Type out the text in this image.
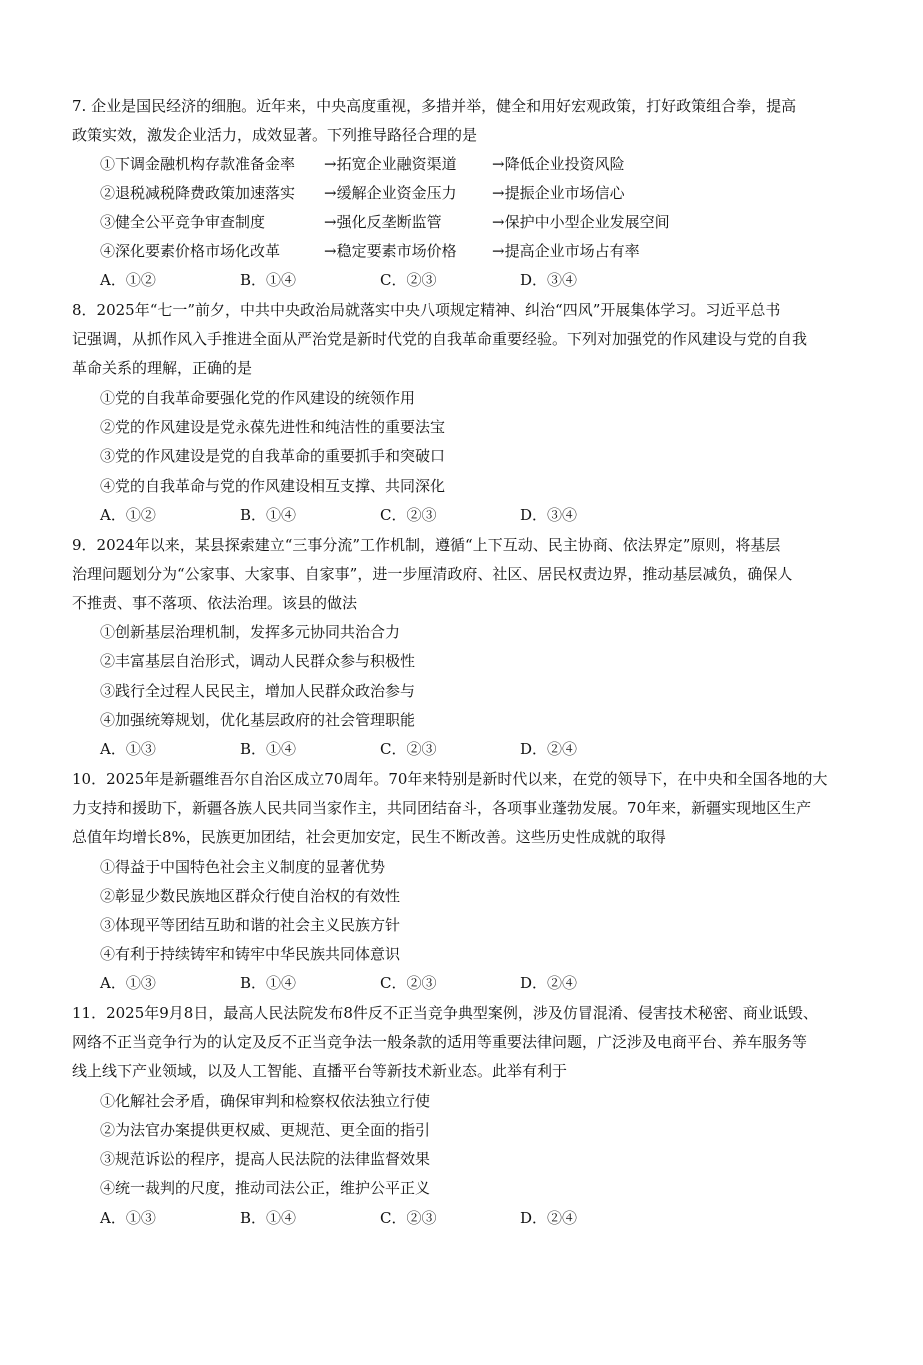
7. 企业是国民经济的细胞。近年来，中央高度重视，多措并举，健全和用好宏观政策，打好政策组合拳，提高
政策实效，激发企业活力，成效显著。下列推导路径合理的是
①下调金融机构存款准备金率 →拓宽企业融资渠道 →降低企业投资风险
②退税减税降费政策加速落实 →缓解企业资金压力 →提振企业市场信心
③健全公平竞争审查制度	→强化反垄断监管	→保护中小型企业发展空间
④深化要素价格市场化改革	→稳定要素市场价格 →提高企业市场占有率
A．①②	B．①④	C．②③	D．③④
8．2025年“七一”前夕，中共中央政治局就落实中央八项规定精神、纠治“四风”开展集体学习。习近平总书
记强调，从抓作风入手推进全面从严治党是新时代党的自我革命重要经验。下列对加强党的作风建设与党的自我
革命关系的理解，正确的是
①党的自我革命要强化党的作风建设的统领作用
②党的作风建设是党永葆先进性和纯洁性的重要法宝
③党的作风建设是党的自我革命的重要抓手和突破口
④党的自我革命与党的作风建设相互支撑、共同深化
A．①②	B．①④	C．②③	D．③④
9．2024年以来，某县探索建立“三事分流”工作机制，遵循“上下互动、民主协商、依法界定”原则，将基层
治理问题划分为“公家事、大家事、自家事”，进一步厘清政府、社区、居民权责边界，推动基层减负，确保人
不推责、事不落项、依法治理。该县的做法
①创新基层治理机制，发挥多元协同共治合力
②丰富基层自治形式，调动人民群众参与积极性
③践行全过程人民民主，增加人民群众政治参与
④加强统筹规划，优化基层政府的社会管理职能
A．①③	B．①④	C．②③	D．②④
10．2025年是新疆维吾尔自治区成立70周年。70年来特别是新时代以来，在党的领导下，在中央和全国各地的大
力支持和援助下，新疆各族人民共同当家作主，共同团结奋斗，各项事业蓬勃发展。70年来，新疆实现地区生产
总值年均增长8%，民族更加团结，社会更加安定，民生不断改善。这些历史性成就的取得
①得益于中国特色社会主义制度的显著优势
②彰显少数民族地区群众行使自治权的有效性
③体现平等团结互助和谐的社会主义民族方针
④有利于持续铸牢和铸牢中华民族共同体意识
A．①③	B．①④	C．②③	D．②④
11．2025年9月8日，最高人民法院发布8件反不正当竞争典型案例，涉及仿冒混淆、侵害技术秘密、商业诋毁、
网络不正当竞争行为的认定及反不正当竞争法一般条款的适用等重要法律问题，广泛涉及电商平台、养车服务等
线上线下产业领域，以及人工智能、直播平台等新技术新业态。此举有利于
①化解社会矛盾，确保审判和检察权依法独立行使
②为法官办案提供更权威、更规范、更全面的指引
③规范诉讼的程序，提高人民法院的法律监督效果
④统一裁判的尺度，推动司法公正，维护公平正义
A．①③	B．①④	C．②③	D．②④
